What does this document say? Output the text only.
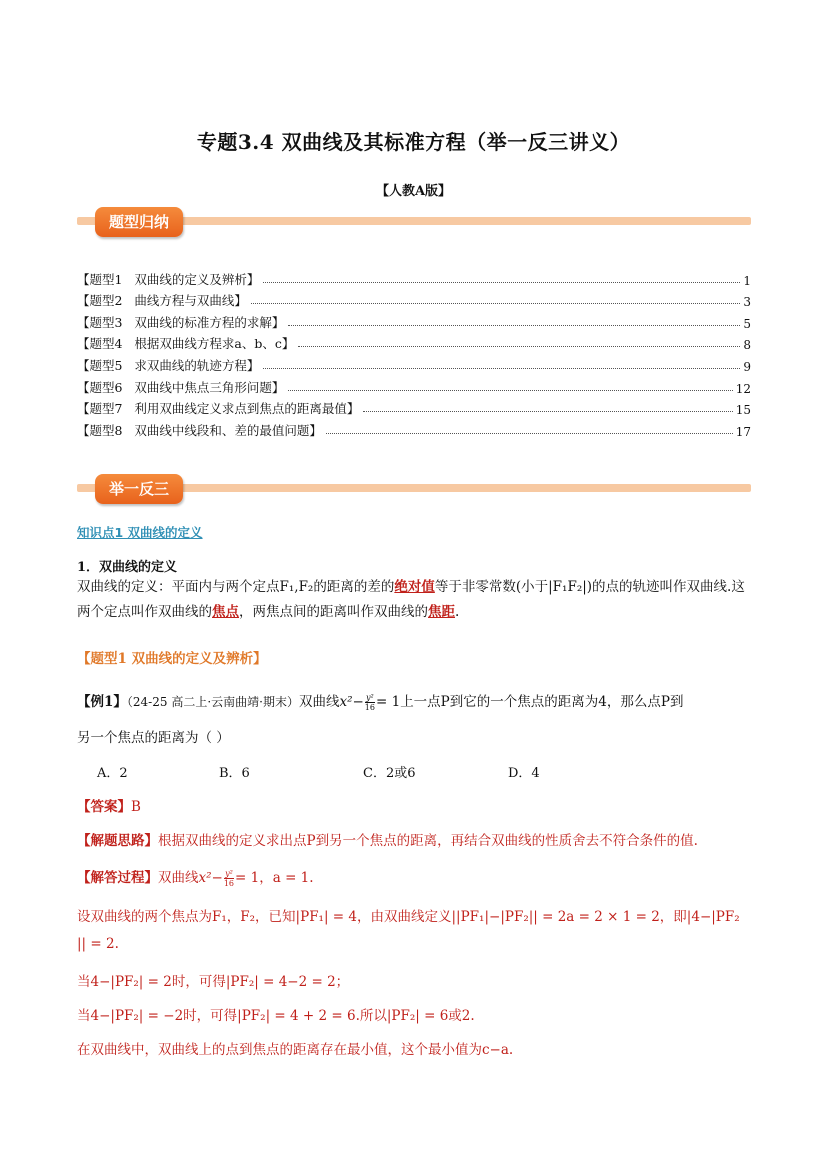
专题3.4 双曲线及其标准方程（举一反三讲义）
【人教A版】
题型归纳
【题型1   双曲线的定义及辨析】	1
【题型2   曲线方程与双曲线】	3
【题型3   双曲线的标准方程的求解】	5
【题型4   根据双曲线方程求a、b、c】	8
【题型5   求双曲线的轨迹方程】	9
【题型6   双曲线中焦点三角形问题】	12
【题型7   利用双曲线定义求点到焦点的距离最值】	15
【题型8   双曲线中线段和、差的最值问题】	17
举一反三
知识点1 双曲线的定义
1．双曲线的定义
双曲线的定义：平面内与两个定点F₁,F₂的距离的差的绝对值等于非零常数(小于|F₁F₂|)的点的轨迹叫作双曲线.这两个定点叫作双曲线的焦点，两焦点间的距离叫作双曲线的焦距.
【题型1 双曲线的定义及辨析】
【例1】（24-25 高二上·云南曲靖·期末）双曲线$x^2- \frac{\text{y²}}{16} = 1$上一点P到它的一个焦点的距离为4，那么点P到
另一个焦点的距离为（ ）
A．2	B．6	C．2或6	D．4
【答案】B
【解题思路】根据双曲线的定义求出点P到另一个焦点的距离，再结合双曲线的性质舍去不符合条件的值.
【解答过程】双曲线$x^2- \frac{\text{y²}}{16} = 1$，a = 1.
设双曲线的两个焦点为F₁，F₂，已知|PF₁| = 4，由双曲线定义||PF₁|−|PF₂|| = 2a = 2 × 1 = 2，即|4−|PF₂
|| = 2.
当4−|PF₂| = 2时，可得|PF₂| = 4−2 = 2；
当4−|PF₂| = −2时，可得|PF₂| = 4 + 2 = 6.所以|PF₂| = 6或2.
在双曲线中，双曲线上的点到焦点的距离存在最小值，这个最小值为c−a.
